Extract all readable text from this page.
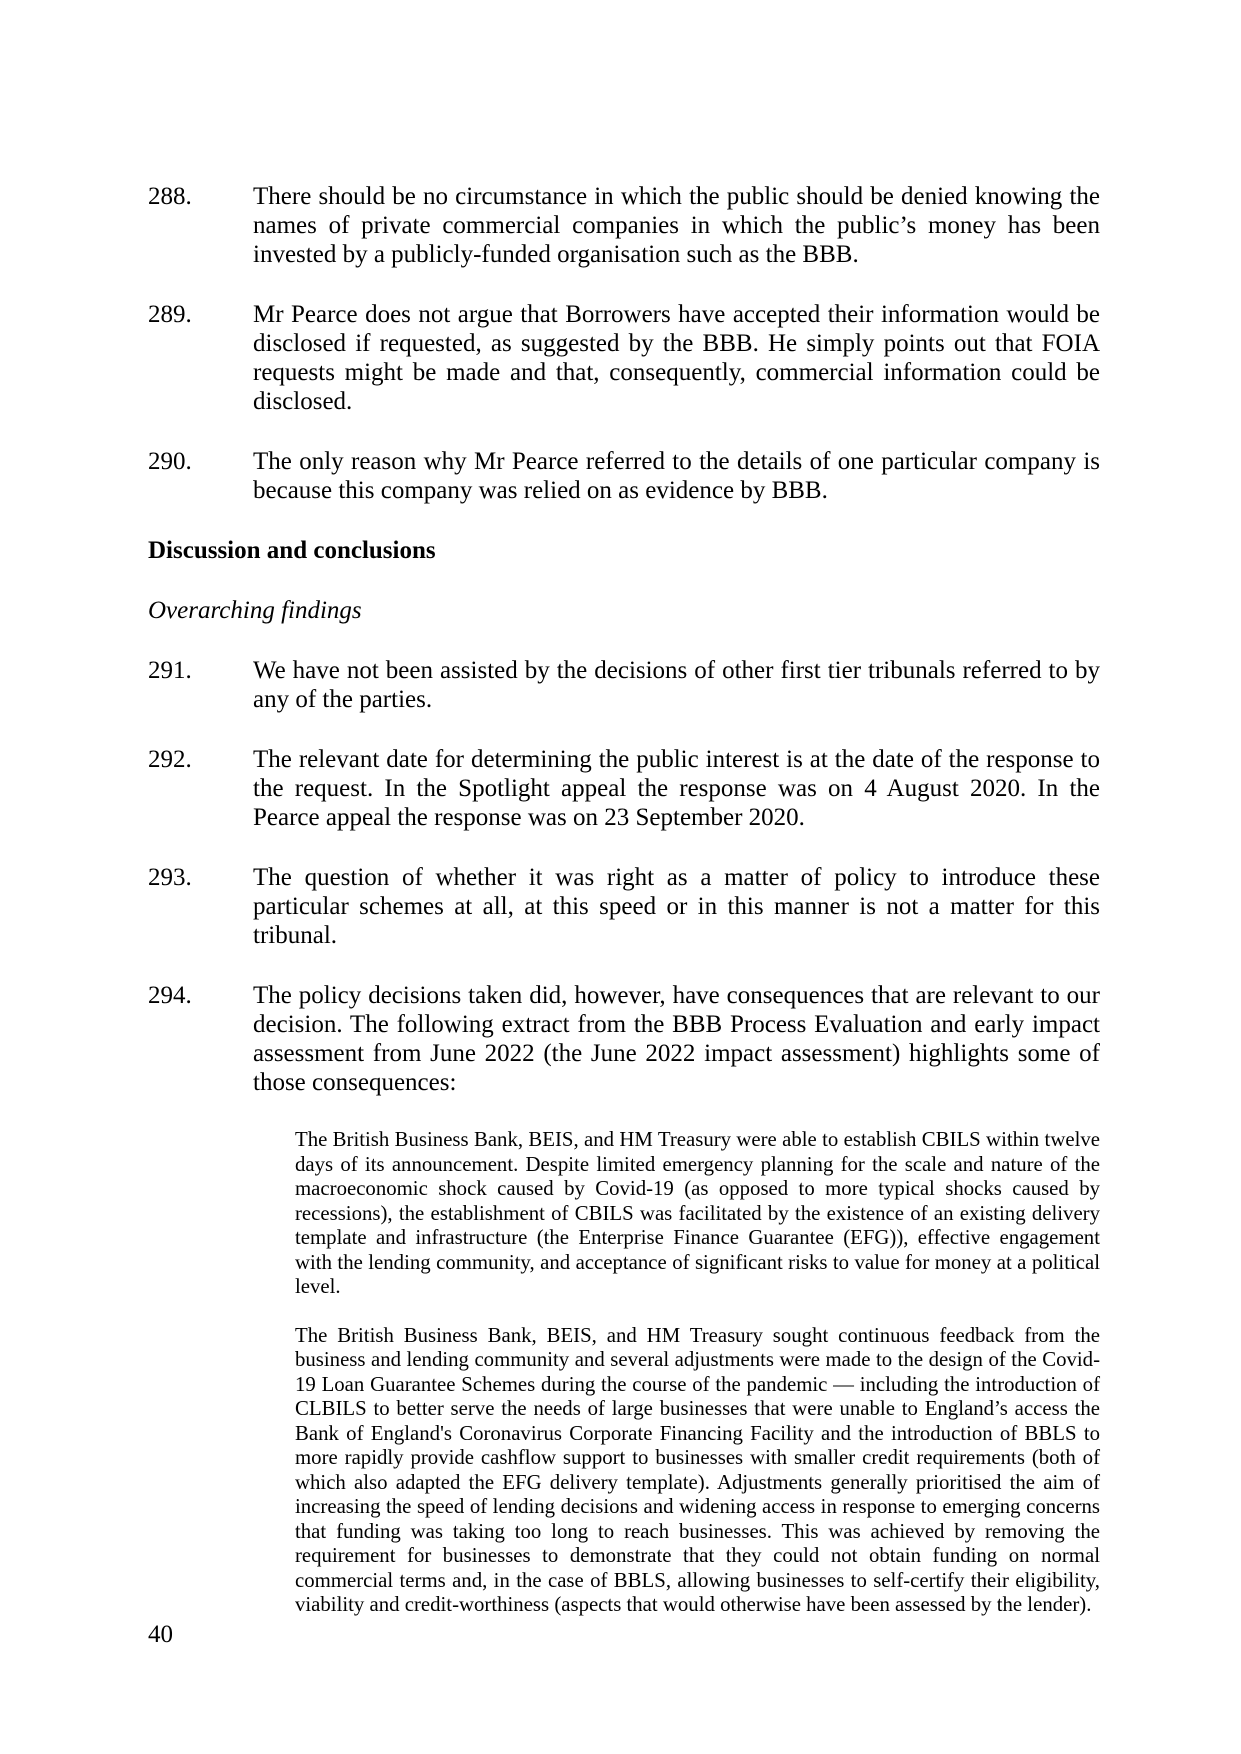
288.	There should be no circumstance in which the public should be denied knowing the names of private commercial companies in which the public’s money has been invested by a publicly-funded organisation such as the BBB.
289.	Mr Pearce does not argue that Borrowers have accepted their information would be disclosed if requested, as suggested by the BBB. He simply points out that FOIA requests might be made and that, consequently, commercial information could be disclosed.
290.	The only reason why Mr Pearce referred to the details of one particular company is because this company was relied on as evidence by BBB.
Discussion and conclusions
Overarching findings
291.	We have not been assisted by the decisions of other first tier tribunals referred to by any of the parties.
292.	The relevant date for determining the public interest is at the date of the response to the request. In the Spotlight appeal the response was on 4 August 2020. In the Pearce appeal the response was on 23 September 2020.
293.	The question of whether it was right as a matter of policy to introduce these particular schemes at all, at this speed or in this manner is not a matter for this tribunal.
294.	The policy decisions taken did, however, have consequences that are relevant to our decision. The following extract from the BBB Process Evaluation and early impact assessment from June 2022 (the June 2022 impact assessment) highlights some of those consequences:
The British Business Bank, BEIS, and HM Treasury were able to establish CBILS within twelve days of its announcement. Despite limited emergency planning for the scale and nature of the macroeconomic shock caused by Covid-19 (as opposed to more typical shocks caused by recessions), the establishment of CBILS was facilitated by the existence of an existing delivery template and infrastructure (the Enterprise Finance Guarantee (EFG)), effective engagement with the lending community, and acceptance of significant risks to value for money at a political level.
The British Business Bank, BEIS, and HM Treasury sought continuous feedback from the business and lending community and several adjustments were made to the design of the Covid-19 Loan Guarantee Schemes during the course of the pandemic — including the introduction of CLBILS to better serve the needs of large businesses that were unable to England’s access the Bank of England's Coronavirus Corporate Financing Facility and the introduction of BBLS to more rapidly provide cashflow support to businesses with smaller credit requirements (both of which also adapted the EFG delivery template). Adjustments generally prioritised the aim of increasing the speed of lending decisions and widening access in response to emerging concerns that funding was taking too long to reach businesses. This was achieved by removing the requirement for businesses to demonstrate that they could not obtain funding on normal commercial terms and, in the case of BBLS, allowing businesses to self-certify their eligibility, viability and credit-worthiness (aspects that would otherwise have been assessed by the lender).
40
